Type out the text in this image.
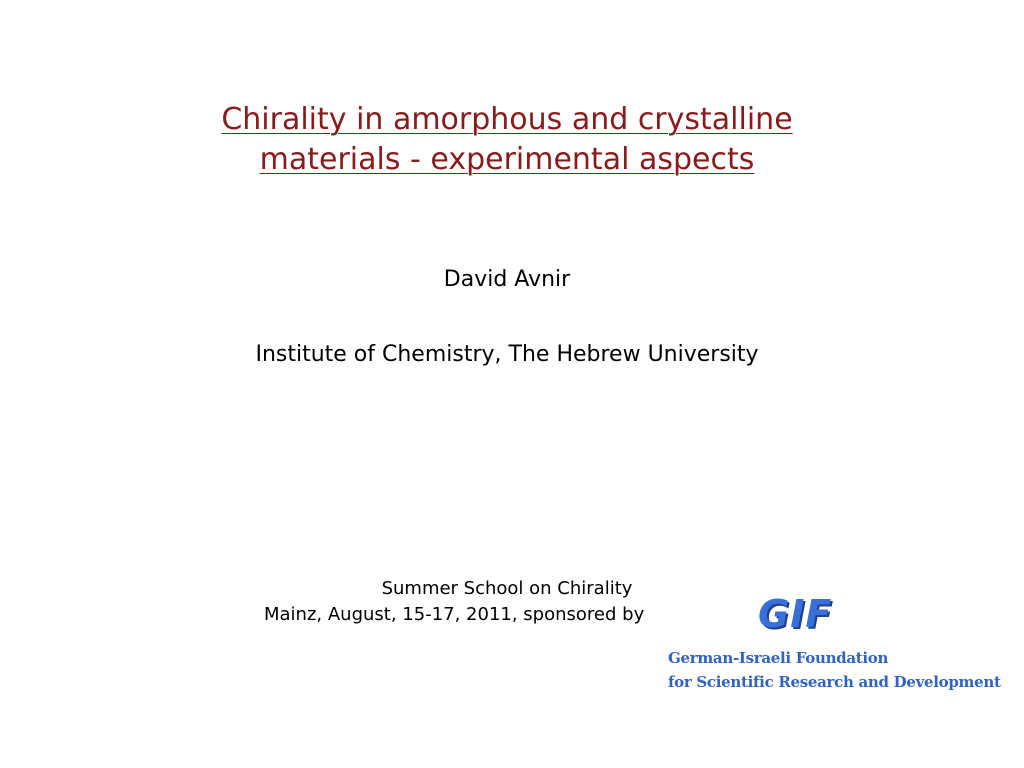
Chirality in amorphous and crystalline
materials - experimental aspects
David Avnir
Institute of Chemistry, The Hebrew University
Summer School on Chirality
Mainz, August, 15-17, 2011, sponsored by	GIF
German-Israeli Foundation
for Scientific Research and Development
